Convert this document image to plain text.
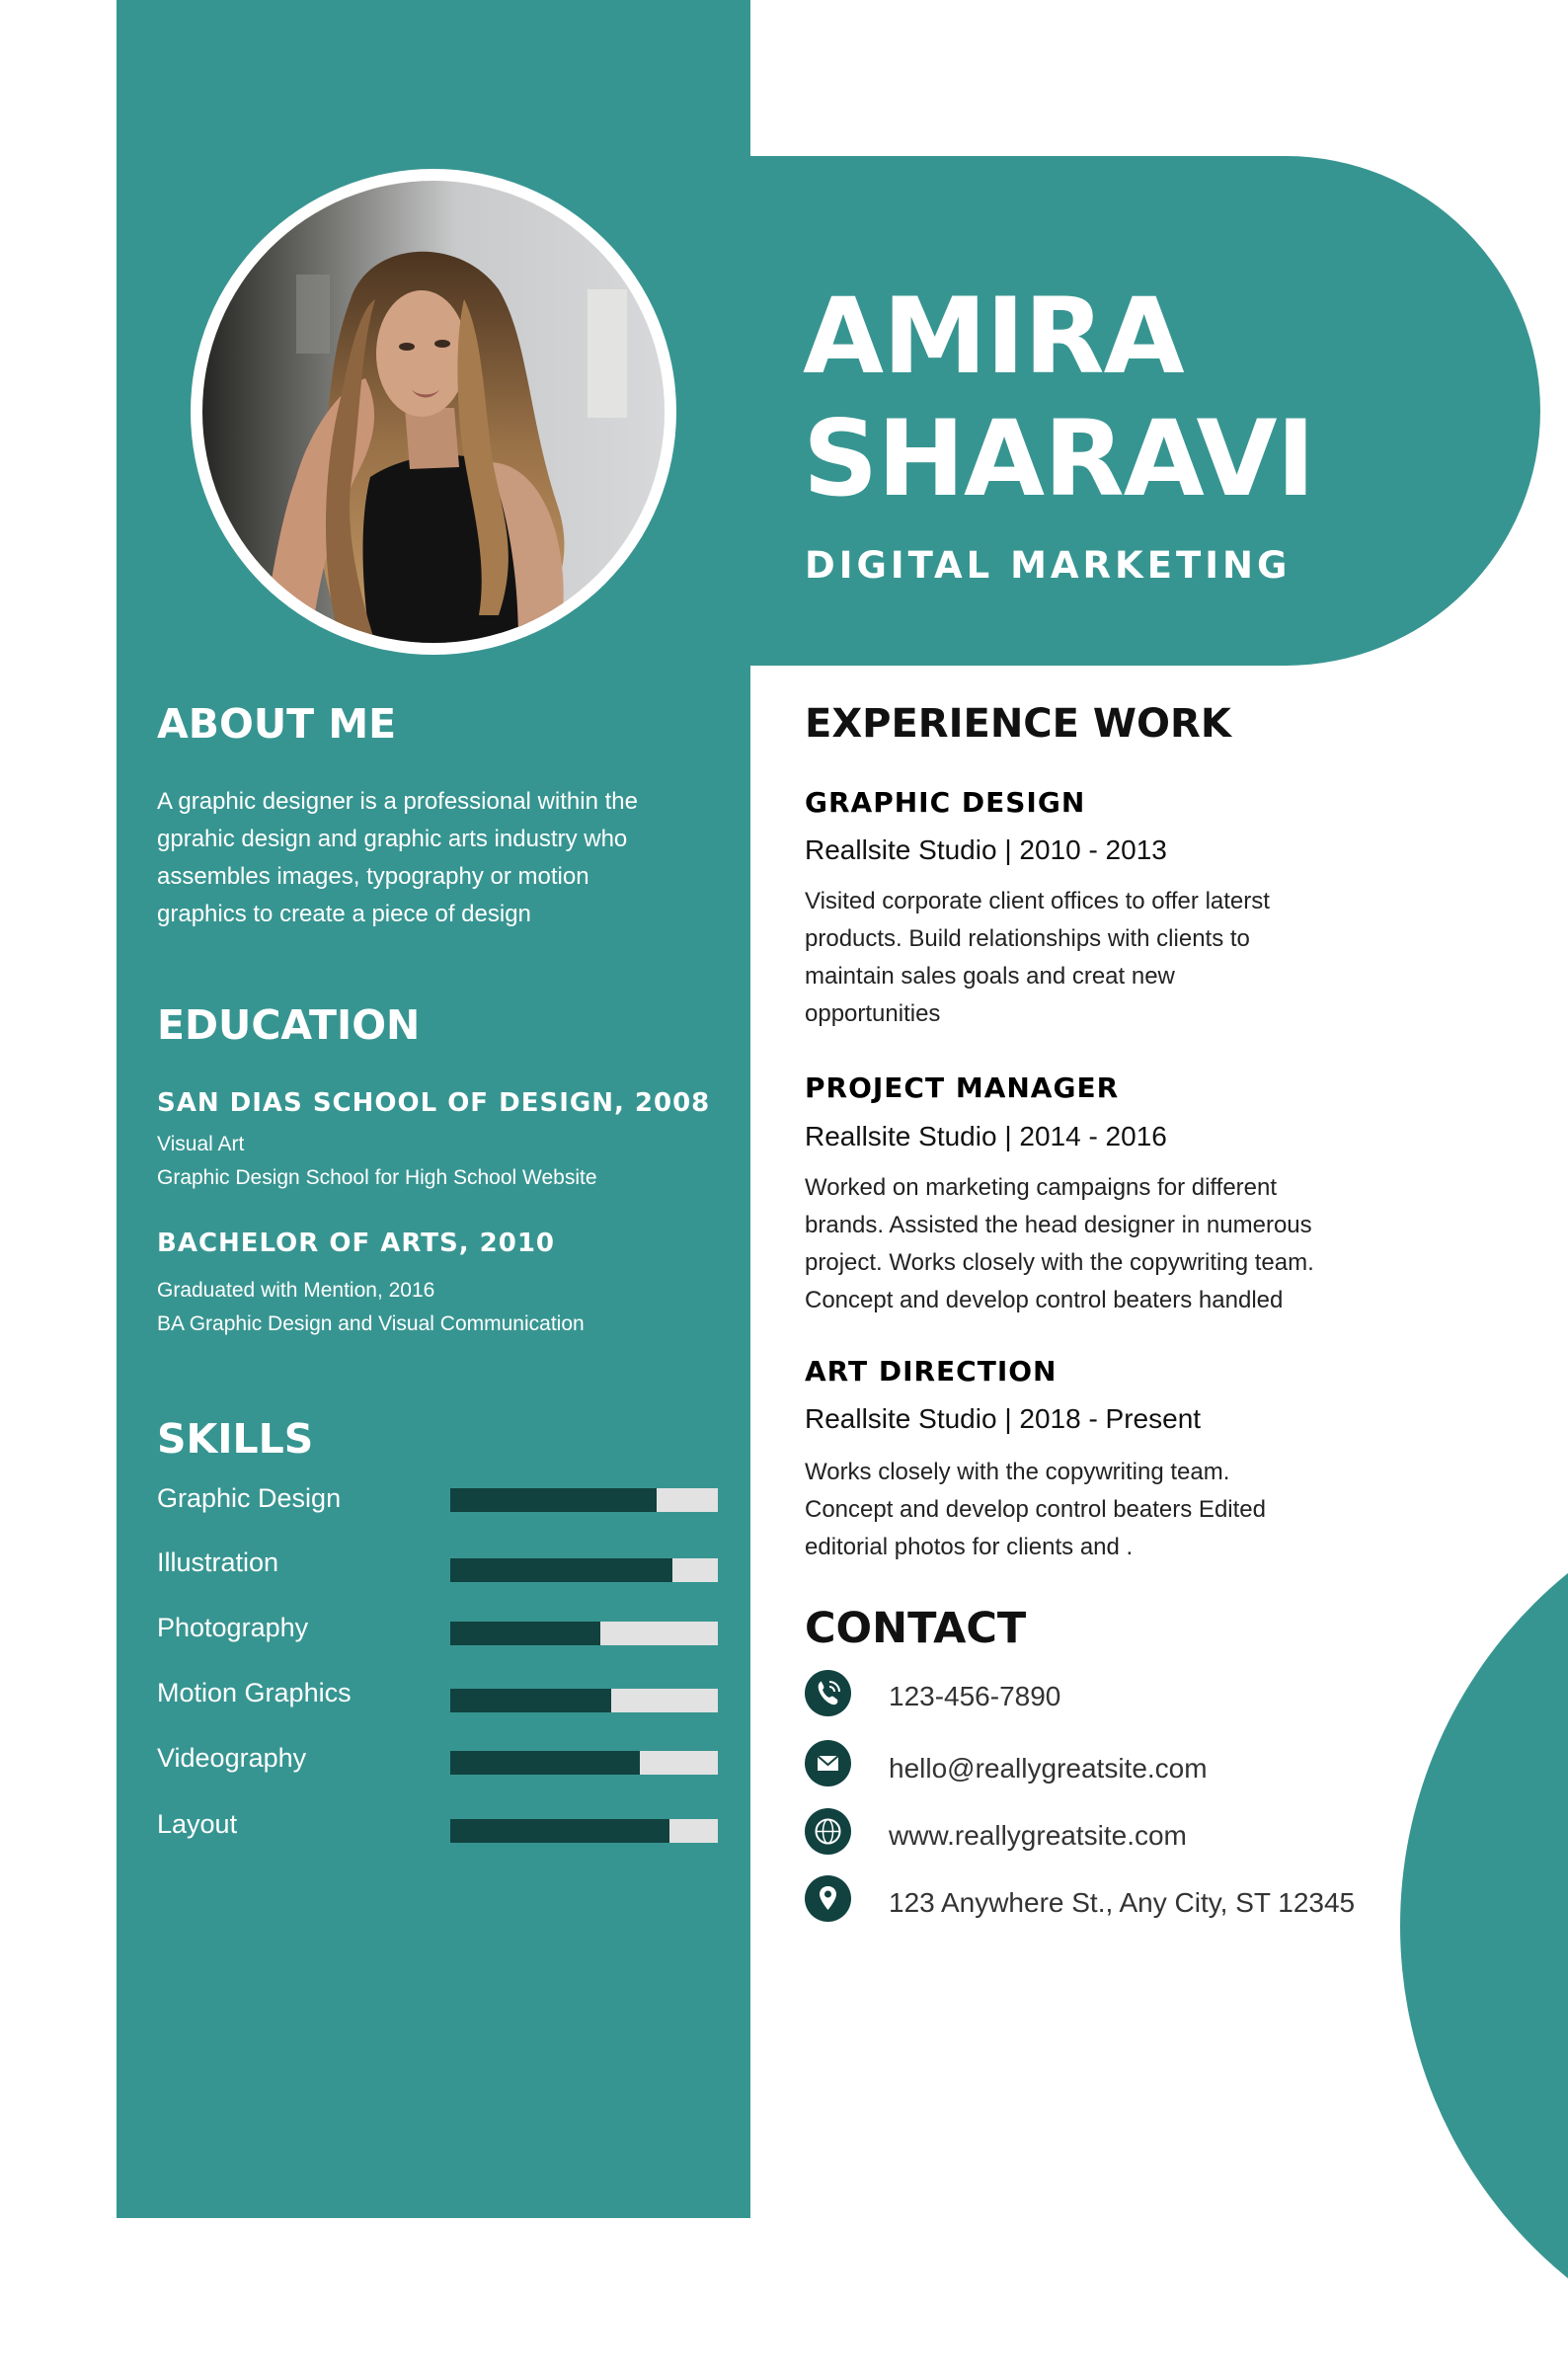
AMIRA
SHARAVI
DIGITAL MARKETING
ABOUT ME
A graphic designer is a professional within the
gprahic design and graphic arts industry who
assembles images, typography or motion
graphics to create a piece of design
EDUCATION
SAN DIAS SCHOOL OF DESIGN, 2008
Visual Art
Graphic Design School for High School Website
BACHELOR OF ARTS, 2010
Graduated with Mention, 2016
BA Graphic Design and Visual Communication
SKILLS
Graphic Design
Illustration
Photography
Motion Graphics
Videography
Layout
EXPERIENCE WORK
GRAPHIC DESIGN
Reallsite Studio | 2010 - 2013
Visited corporate client offices to offer laterst
products. Build relationships with clients to
maintain sales goals and creat new
opportunities
PROJECT MANAGER
Reallsite Studio | 2014 - 2016
Worked on marketing campaigns for different
brands. Assisted the head designer in numerous
project. Works closely with the copywriting team.
Concept and develop control beaters handled
ART DIRECTION
Reallsite Studio | 2018 - Present
Works closely with the copywriting team.
Concept and develop control beaters Edited
editorial photos for clients and .
CONTACT
123-456-7890
hello@reallygreatsite.com
www.reallygreatsite.com
123 Anywhere St., Any City, ST 12345
